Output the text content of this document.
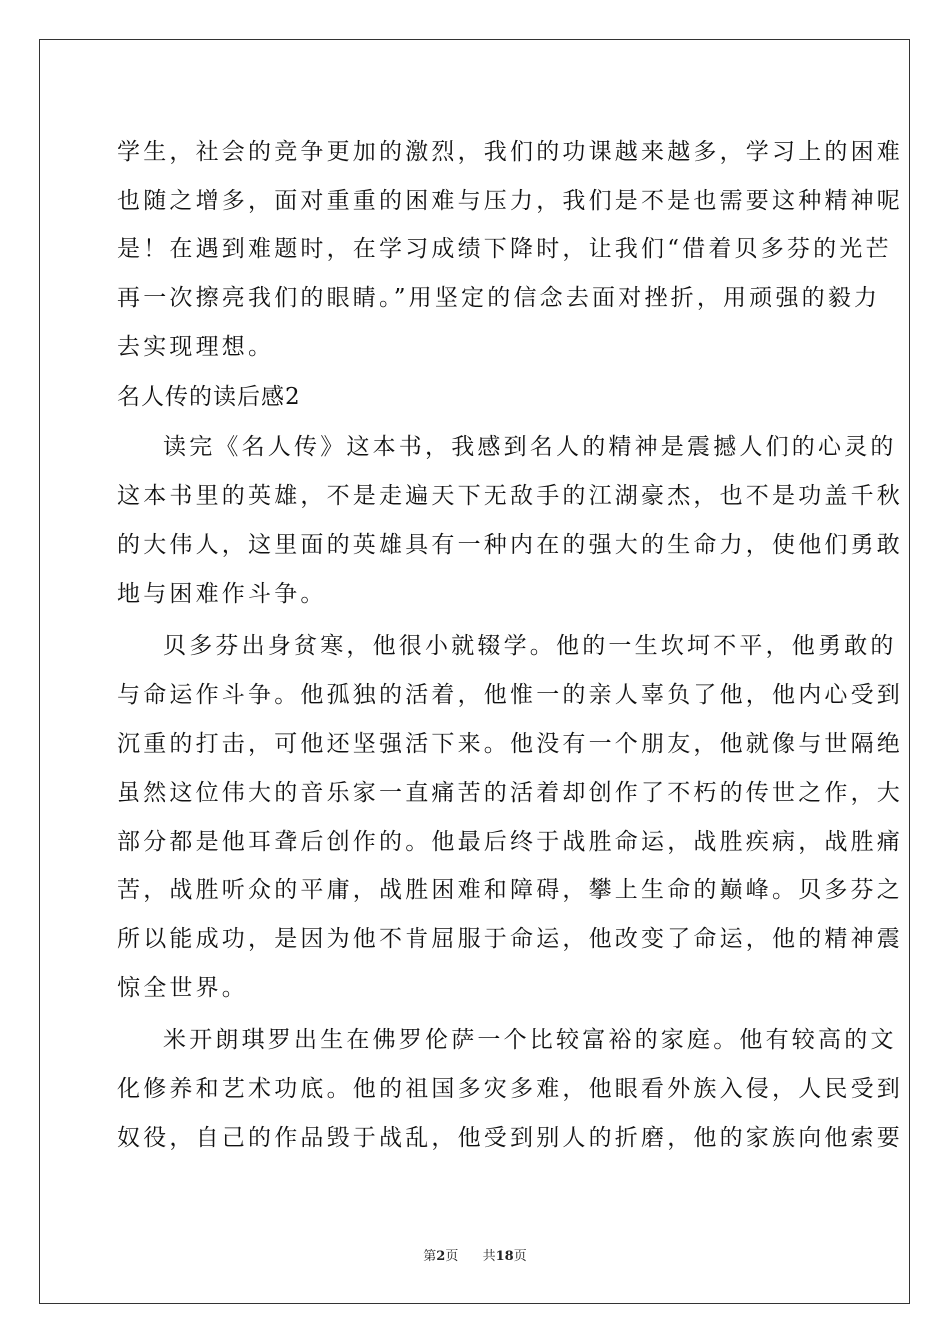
学生，社会的竞争更加的激烈，我们的功课越来越多，学习上的困难
也随之增多，面对重重的困难与压力，我们是不是也需要这种精神呢
是！在遇到难题时，在学习成绩下降时，让我们“借着贝多芬的光芒
再一次擦亮我们的眼睛。”用坚定的信念去面对挫折，用顽强的毅力
去实现理想。
名人传的读后感2
读完《名人传》这本书，我感到名人的精神是震撼人们的心灵的
这本书里的英雄，不是走遍天下无敌手的江湖豪杰，也不是功盖千秋
的大伟人，这里面的英雄具有一种内在的强大的生命力，使他们勇敢
地与困难作斗争。
贝多芬出身贫寒，他很小就辍学。他的一生坎坷不平，他勇敢的
与命运作斗争。他孤独的活着，他惟一的亲人辜负了他，他内心受到
沉重的打击，可他还坚强活下来。他没有一个朋友，他就像与世隔绝
虽然这位伟大的音乐家一直痛苦的活着却创作了不朽的传世之作，大
部分都是他耳聋后创作的。他最后终于战胜命运，战胜疾病，战胜痛
苦，战胜听众的平庸，战胜困难和障碍，攀上生命的巅峰。贝多芬之
所以能成功，是因为他不肯屈服于命运，他改变了命运，他的精神震
惊全世界。
米开朗琪罗出生在佛罗伦萨一个比较富裕的家庭。他有较高的文
化修养和艺术功底。他的祖国多灾多难，他眼看外族入侵，人民受到
奴役，自己的作品毁于战乱，他受到别人的折磨，他的家族向他索要
第2页 共18页
